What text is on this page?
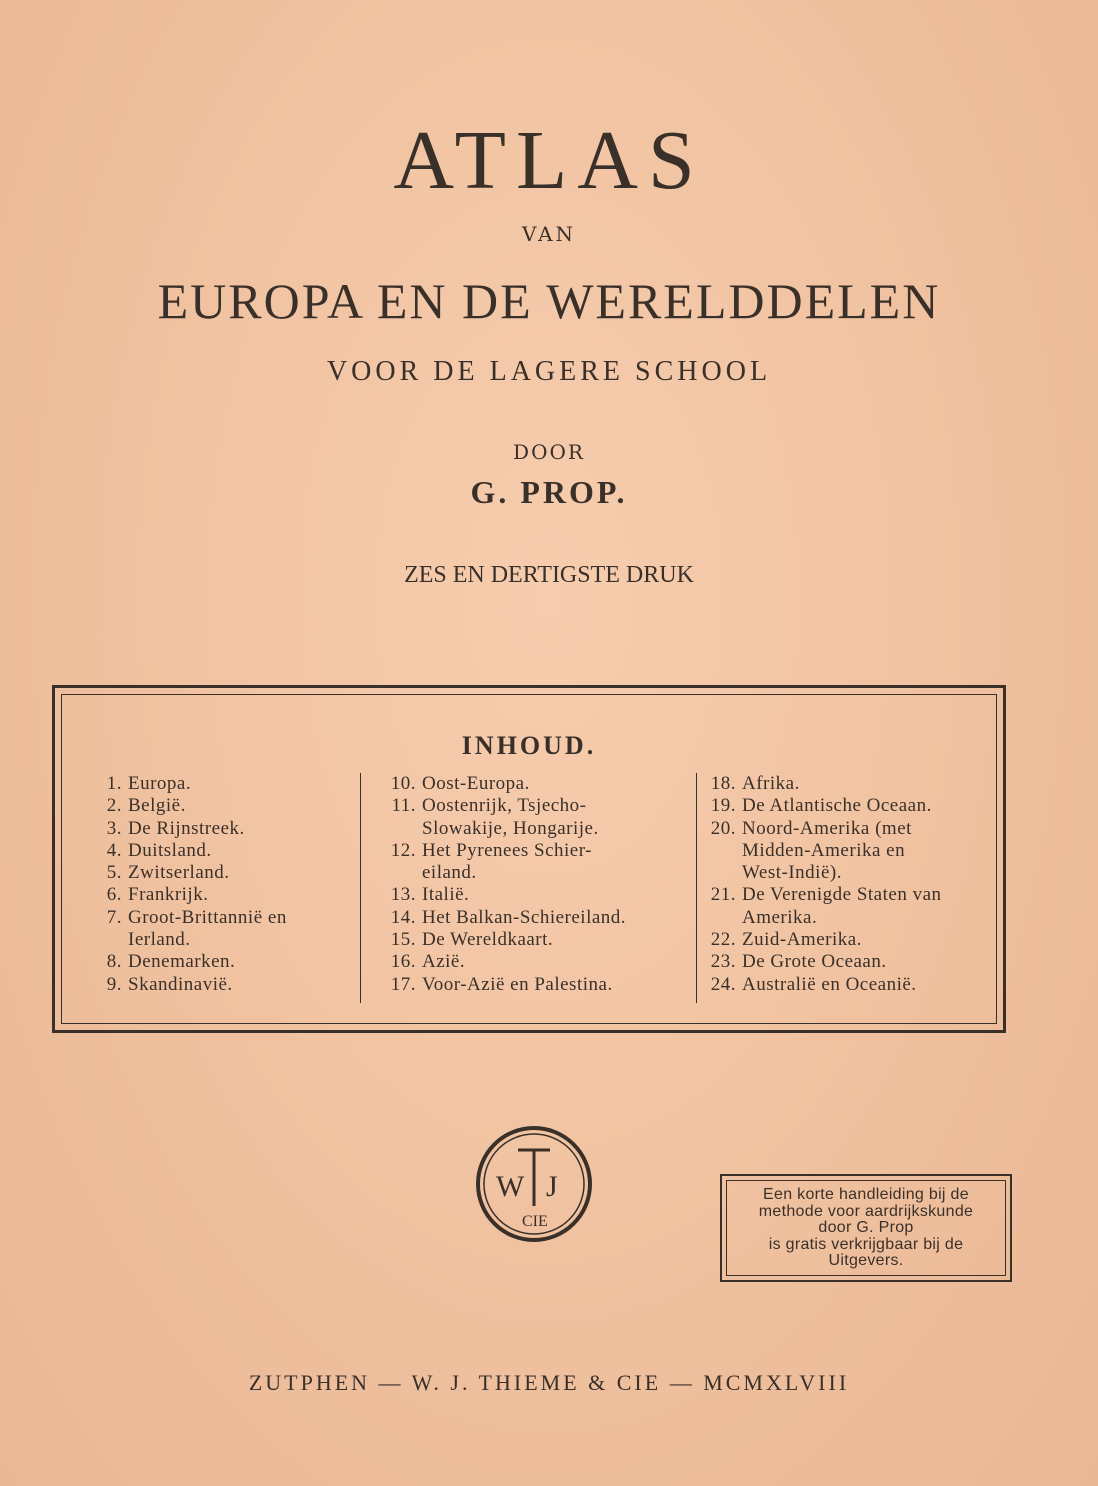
ATLAS
VAN
EUROPA EN DE WERELDDELEN
VOOR DE LAGERE SCHOOL
DOOR
G. PROP.
ZES EN DERTIGSTE DRUK
INHOUD.
1. Europa.
2. België.
3. De Rijnstreek.
4. Duitsland.
5. Zwitserland.
6. Frankrijk.
7. Groot-Brittannië en
Ierland.
8. Denemarken.
9. Skandinavië.
10. Oost-Europa.
11. Oostenrijk, Tsjecho-
Slowakije, Hongarije.
12. Het Pyrenees Schier-
eiland.
13. Italië.
14. Het Balkan-Schiereiland.
15. De Wereldkaart.
16. Azië.
17. Voor-Azië en Palestina.
18. Afrika.
19. De Atlantische Oceaan.
20. Noord-Amerika (met
Midden-Amerika en
West-Indië).
21. De Verenigde Staten van
Amerika.
22. Zuid-Amerika.
23. De Grote Oceaan.
24. Australië en Oceanië.
W J
CIE
Een korte handleiding bij de
methode voor aardrijkskunde
door G. Prop
is gratis verkrijgbaar bij de
Uitgevers.
ZUTPHEN — W. J. THIEME & CIE — MCMXLVIII
